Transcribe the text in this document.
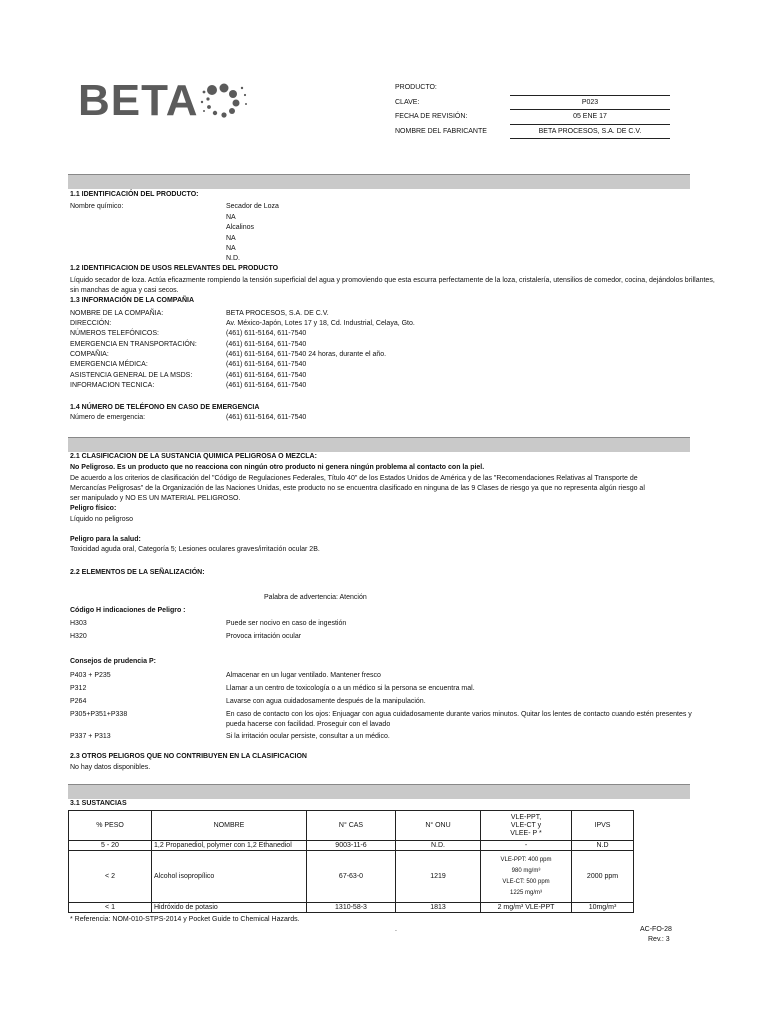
BETA	PRODUCTO:
CLAVE:	P023
FECHA DE REVISIÓN:	05 ENE 17
NOMBRE DEL FABRICANTE	BETA PROCESOS, S.A. DE C.V.
1.1 IDENTIFICACIÓN DEL PRODUCTO:
Nombre químico:	Secador de Loza
NA
Alcalinos
NA
NA
N.D.
1.2 IDENTIFICACION DE USOS RELEVANTES DEL PRODUCTO
Líquido secador de loza. Actúa eficazmente rompiendo la tensión superficial del agua y promoviendo que esta escurra perfectamente de la loza, cristalería, utensilios de comedor, cocina, dejándolos brillantes,
sin manchas de agua y casi secos.
1.3 INFORMACIÓN DE LA COMPAÑIA
NOMBRE DE LA COMPAÑIA:	BETA PROCESOS, S.A. DE C.V.
DIRECCIÓN:	Av. México-Japón, Lotes 17 y 18, Cd. Industrial, Celaya, Gto.
NÚMEROS TELEFÓNICOS:	(461) 611-5164, 611-7540
EMERGENCIA EN TRANSPORTACIÓN:	(461) 611-5164, 611-7540
COMPAÑIA:	(461) 611-5164, 611-7540 24 horas, durante el año.
EMERGENCIA MÉDICA:	(461) 611-5164, 611-7540
ASISTENCIA GENERAL DE LA MSDS:	(461) 611-5164, 611-7540
INFORMACION TECNICA:	(461) 611-5164, 611-7540
1.4 NÚMERO DE TELÉFONO EN CASO DE EMERGENCIA
Número de emergencia:	(461) 611-5164, 611-7540
2.1 CLASIFICACION DE LA SUSTANCIA QUIMICA PELIGROSA O MEZCLA:
No Peligroso. Es un producto que no reacciona con ningún otro producto ni genera ningún problema al contacto con la piel.
De acuerdo a los criterios de clasificación del "Código de Regulaciones Federales, Título 40" de los Estados Unidos de América y de las "Recomendaciones Relativas al Transporte de
Mercancías Peligrosas" de la Organización de las Naciones Unidas, este producto no se encuentra clasificado en ninguna de las 9 Clases de riesgo ya que no representa algún riesgo al
ser manipulado y NO ES UN MATERIAL PELIGROSO.
Peligro físico:
Líquido no peligroso
Peligro para la salud:
Toxicidad aguda oral, Categoría 5; Lesiones oculares graves/irritación ocular 2B.
2.2 ELEMENTOS DE LA SEÑALIZACIÓN:
Palabra de advertencia: Atención
Código H indicaciones de Peligro :
H303	Puede ser nocivo en caso de ingestión
H320	Provoca irritación ocular
Consejos de prudencia P:
P403 + P235	Almacenar en un lugar ventilado. Mantener fresco
P312	Llamar a un centro de toxicología o a un médico si la persona se encuentra mal.
P264	Lavarse con agua cuidadosamente después de la manipulación.
P305+P351+P338	En caso de contacto con los ojos: Enjuagar con agua cuidadosamente durante varios minutos. Quitar los lentes de contacto cuando estén presentes y
pueda hacerse con facilidad. Proseguir con el lavado
P337 + P313	Si la irritación ocular persiste, consultar a un médico.
2.3 OTROS PELIGROS QUE NO CONTRIBUYEN EN LA CLASIFICACION
No hay datos disponibles.
3.1 SUSTANCIAS
% PESO	NOMBRE	N° CAS	N° ONU	VLE-PPT,
VLE-CT y
VLEE- P *	IPVS
5 - 20	1,2 Propanediol, polymer con 1,2 Ethanediol	9003-11-6	N.D.	-	N.D
< 2	Alcohol isopropílico	67-63-0	1219	VLE-PPT: 400 ppm
980 mg/m³
VLE-CT: 500 ppm
1225 mg/m³	2000 ppm
< 1	Hidróxido de potasio	1310-58-3	1813	2 mg/m³ VLE-PPT	10mg/m³
* Referencia: NOM-010-STPS-2014 y Pocket Guide to Chemical Hazards.
.	AC-FO-28
Rev.: 3
